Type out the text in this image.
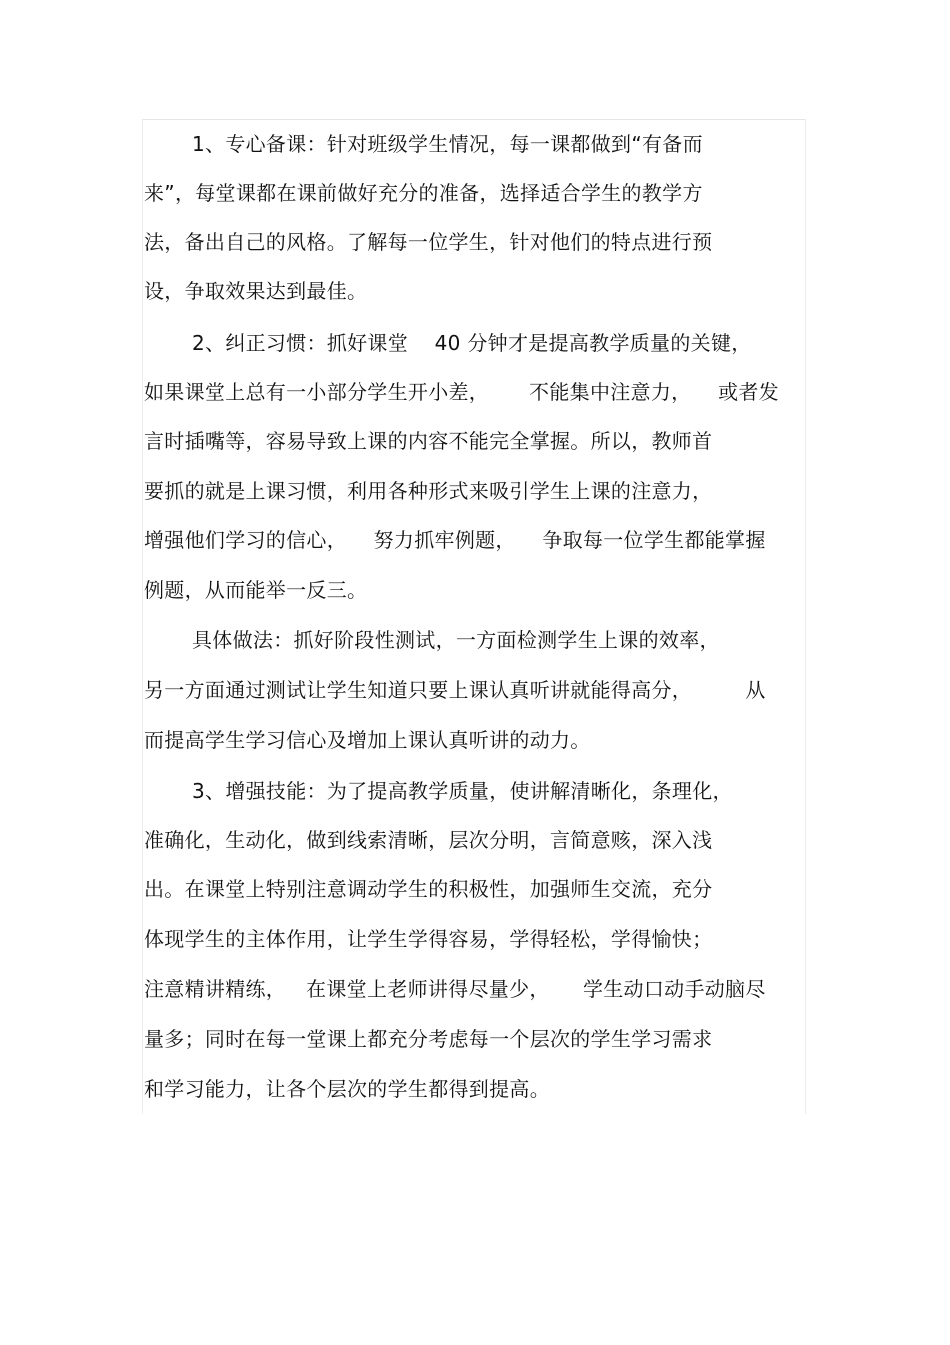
1、专心备课：针对班级学生情况，每一课都做到“有备而
来”，每堂课都在课前做好充分的准备，选择适合学生的教学方
法，备出自己的风格。了解每一位学生，针对他们的特点进行预
设，争取效果达到最佳。
2、纠正习惯：抓好课堂    40 分钟才是提高教学质量的关键，
如果课堂上总有一小部分学生开小差，      不能集中注意力，    或者发
言时插嘴等，容易导致上课的内容不能完全掌握。所以，教师首
要抓的就是上课习惯，利用各种形式来吸引学生上课的注意力，
增强他们学习的信心，    努力抓牢例题，    争取每一位学生都能掌握
例题，从而能举一反三。
具体做法：抓好阶段性测试，一方面检测学生上课的效率，
另一方面通过测试让学生知道只要上课认真听讲就能得高分，        从
而提高学生学习信心及增加上课认真听讲的动力。
3、增强技能：为了提高教学质量，使讲解清晰化，条理化，
准确化，生动化，做到线索清晰，层次分明，言简意赅，深入浅
出。在课堂上特别注意调动学生的积极性，加强师生交流，充分
体现学生的主体作用，让学生学得容易，学得轻松，学得愉快；
注意精讲精练，   在课堂上老师讲得尽量少，     学生动口动手动脑尽
量多；同时在每一堂课上都充分考虑每一个层次的学生学习需求
和学习能力，让各个层次的学生都得到提高。
